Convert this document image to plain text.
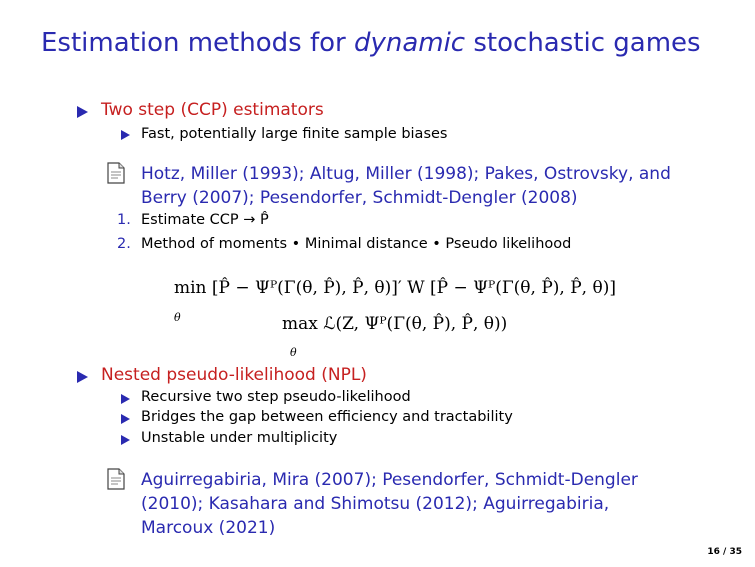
Estimation methods for dynamic stochastic games
Two step (CCP) estimators
Fast, potentially large finite sample biases
Hotz, Miller (1993); Altug, Miller (1998); Pakes, Ostrovsky, and Berry (2007); Pesendorfer, Schmidt-Dengler (2008)
1. Estimate CCP → P̂
2. Method of moments • Minimal distance • Pseudo likelihood
min [P̂ − Ψᴾ(Γ(θ, P̂), P̂, θ)]′ W [P̂ − Ψᴾ(Γ(θ, P̂), P̂, θ)]
$_\theta$	max ℒ(Z, Ψᴾ(Γ(θ, P̂), P̂, θ))
$_\theta$
Nested pseudo-likelihood (NPL)
Recursive two step pseudo-likelihood
Bridges the gap between efficiency and tractability
Unstable under multiplicity
Aguirregabiria, Mira (2007); Pesendorfer, Schmidt-Dengler (2010); Kasahara and Shimotsu (2012); Aguirregabiria, Marcoux (2021)
16 / 35
